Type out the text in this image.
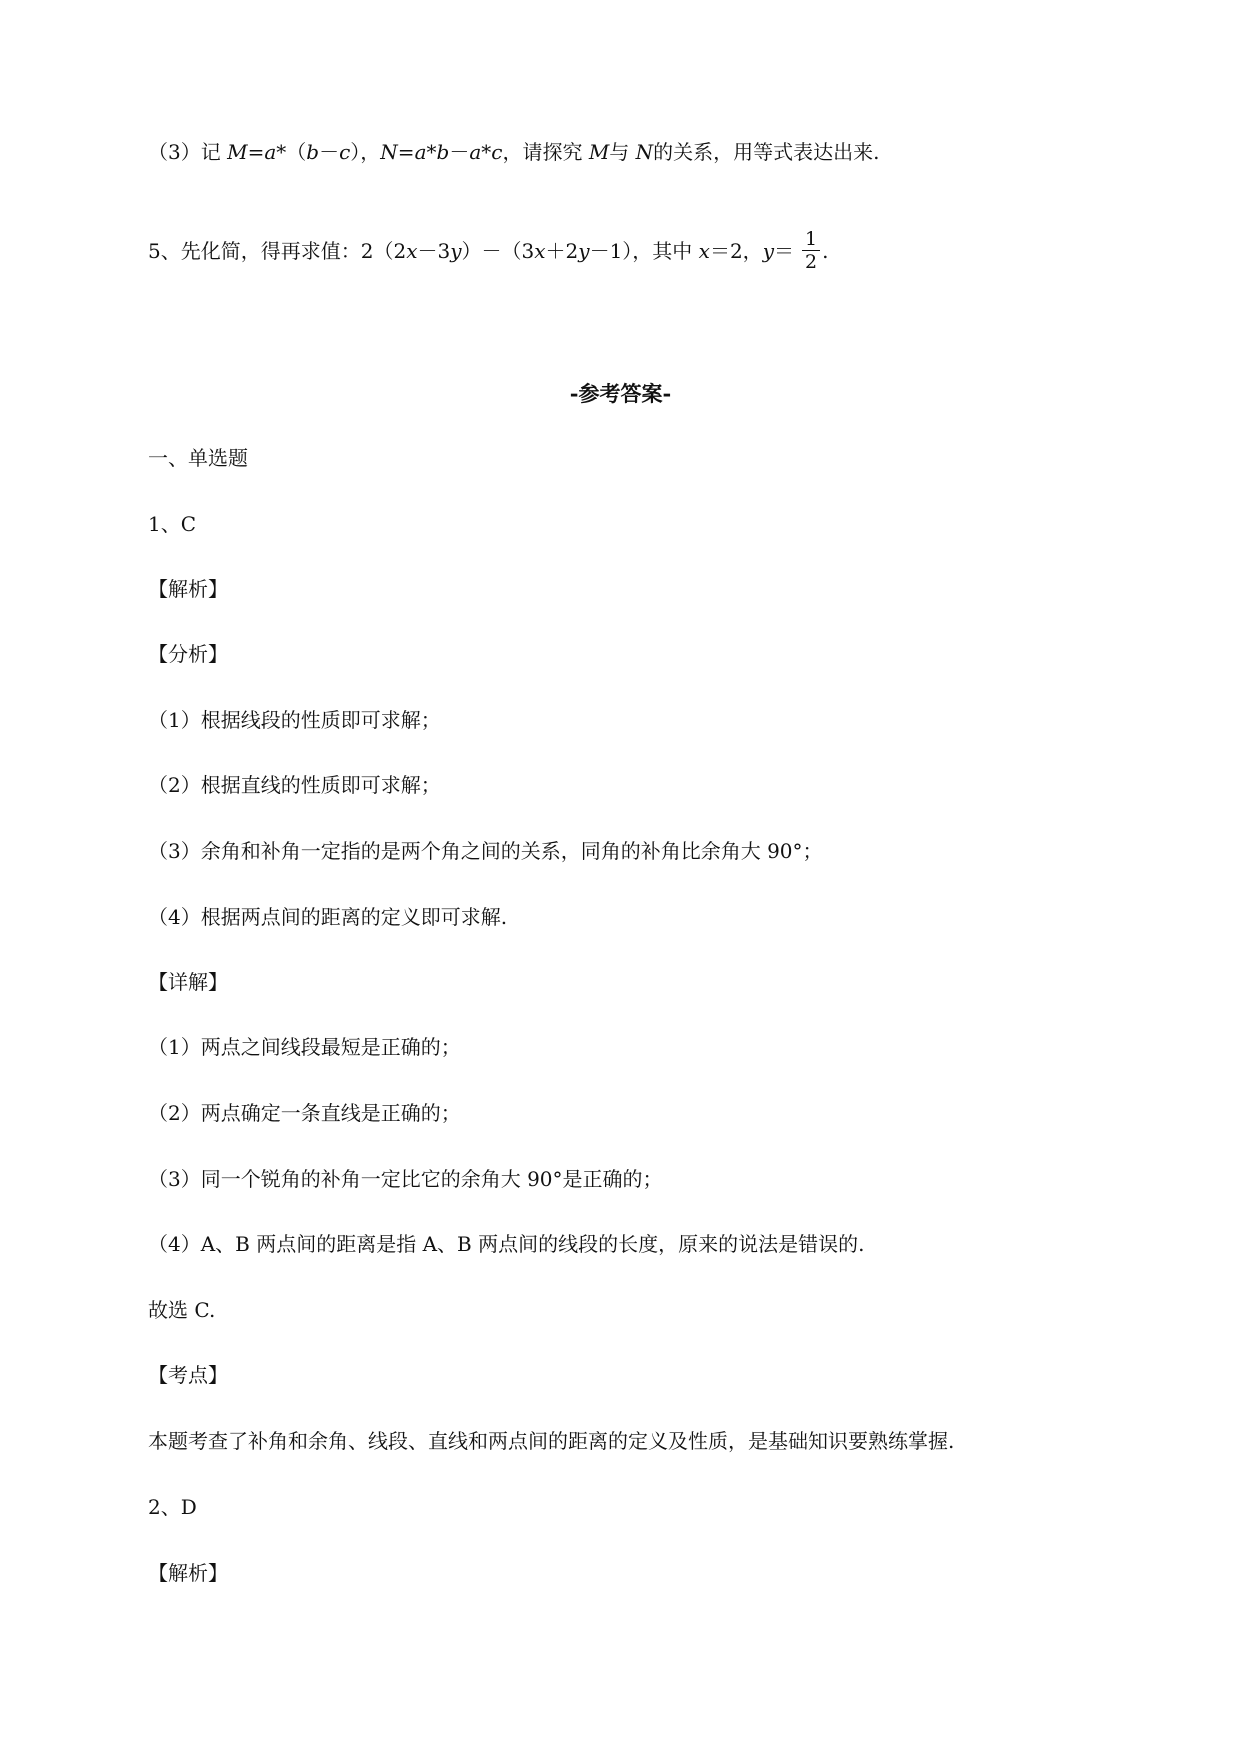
（3）记 M=a*（b－c），N=a*b－a*c，请探究 M与 N的关系，用等式表达出来.
5、先化简，得再求值：2（2x－3y）－（3x＋2y－1），其中 x＝2，$y= \frac{1}{2}$ .
-参考答案-
一、单选题
1、C
【解析】
【分析】
（1）根据线段的性质即可求解；
（2）根据直线的性质即可求解；
（3）余角和补角一定指的是两个角之间的关系，同角的补角比余角大 90°；
（4）根据两点间的距离的定义即可求解.
【详解】
（1）两点之间线段最短是正确的；
（2）两点确定一条直线是正确的；
（3）同一个锐角的补角一定比它的余角大 90°是正确的；
（4）A、B 两点间的距离是指 A、B 两点间的线段的长度，原来的说法是错误的.
故选 C.
【考点】
本题考查了补角和余角、线段、直线和两点间的距离的定义及性质，是基础知识要熟练掌握.
2、D
【解析】
